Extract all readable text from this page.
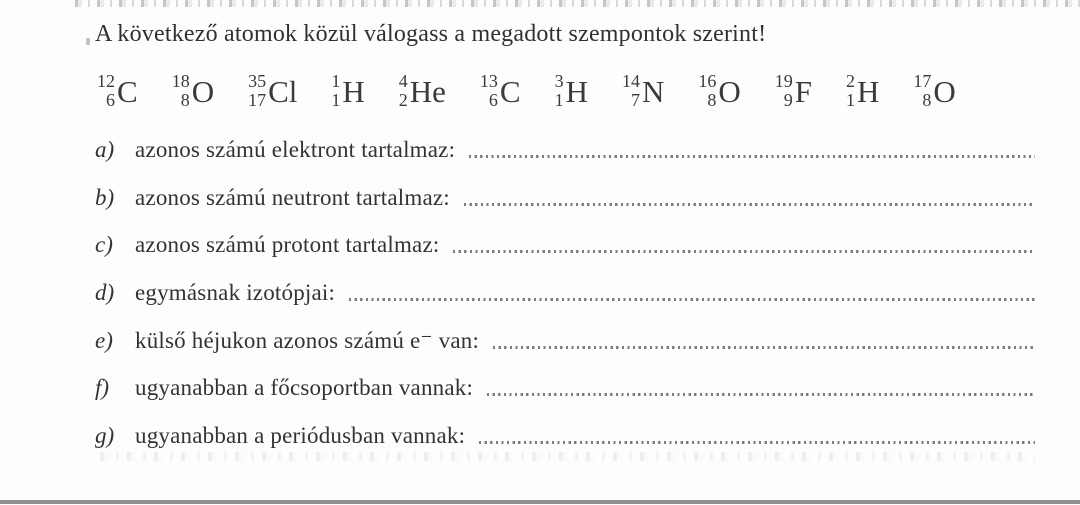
A következő atomok közül válogass a megadott szempontok szerint!
12
6 C 18
8 O 35
17 Cl 1
1 H 4
2 He 13
6 C 3
1 H 14
7 N 16
8 O 19
9 F 2
1 H 17
8 O
a) azonos számú elektront tartalmaz:
b) azonos számú neutront tartalmaz:
c) azonos számú protont tartalmaz:
d) egymásnak izotópjai:
e) külső héjukon azonos számú e⁻ van:
f)	ugyanabban a főcsoportban vannak:
g) ugyanabban a periódusban vannak:
